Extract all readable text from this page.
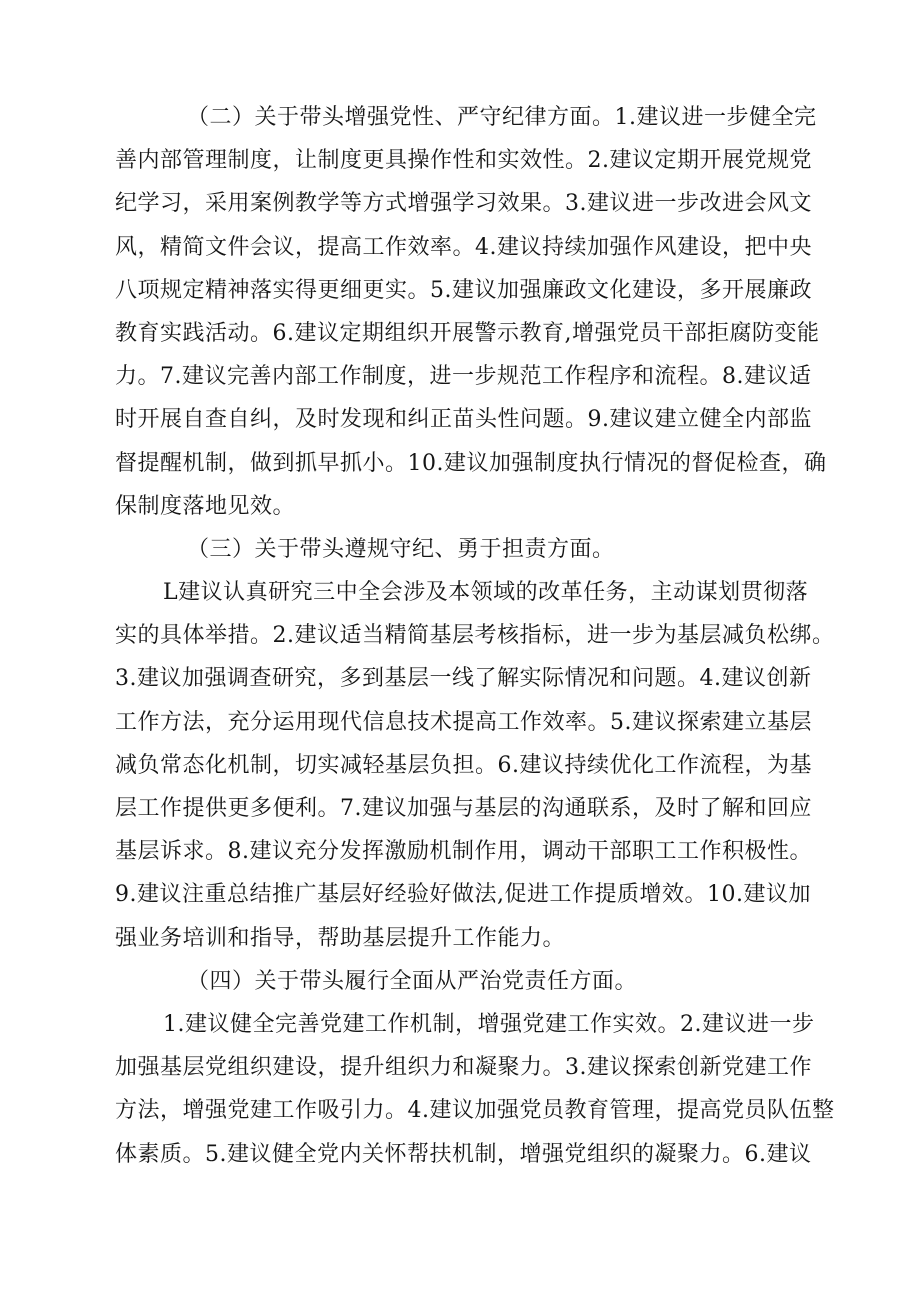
（二）关于带头增强党性、严守纪律方面。1.建议进一步健全完
善内部管理制度，让制度更具操作性和实效性。2.建议定期开展党规党
纪学习，采用案例教学等方式增强学习效果。3.建议进一步改进会风文
风，精简文件会议，提高工作效率。4.建议持续加强作风建设，把中央
八项规定精神落实得更细更实。5.建议加强廉政文化建设，多开展廉政
教育实践活动。6.建议定期组织开展警示教育,增强党员干部拒腐防变能
力。7.建议完善内部工作制度，进一步规范工作程序和流程。8.建议适
时开展自查自纠，及时发现和纠正苗头性问题。9.建议建立健全内部监
督提醒机制，做到抓早抓小。10.建议加强制度执行情况的督促检查，确
保制度落地见效。
（三）关于带头遵规守纪、勇于担责方面。
L建议认真研究三中全会涉及本领域的改革任务，主动谋划贯彻落
实的具体举措。2.建议适当精简基层考核指标，进一步为基层减负松绑。
3.建议加强调查研究，多到基层一线了解实际情况和问题。4.建议创新
工作方法，充分运用现代信息技术提高工作效率。5.建议探索建立基层
减负常态化机制，切实减轻基层负担。6.建议持续优化工作流程，为基
层工作提供更多便利。7.建议加强与基层的沟通联系，及时了解和回应
基层诉求。8.建议充分发挥激励机制作用，调动干部职工工作积极性。
9.建议注重总结推广基层好经验好做法,促进工作提质增效。10.建议加
强业务培训和指导，帮助基层提升工作能力。
（四）关于带头履行全面从严治党责任方面。
1.建议健全完善党建工作机制，增强党建工作实效。2.建议进一步
加强基层党组织建设，提升组织力和凝聚力。3.建议探索创新党建工作
方法，增强党建工作吸引力。4.建议加强党员教育管理，提高党员队伍整
体素质。5.建议健全党内关怀帮扶机制，增强党组织的凝聚力。6.建议
